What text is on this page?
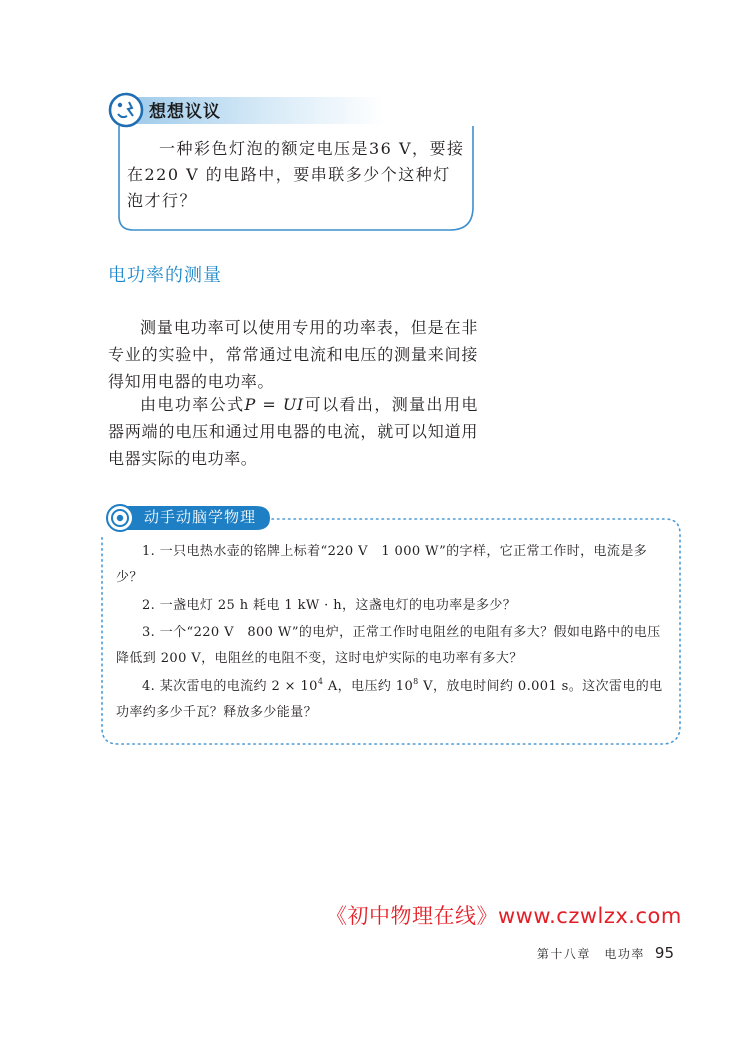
想想议议

一种彩色灯泡的额定电压是36 V，要接在220 V 的电路中，要串联多少个这种灯泡才行？

电功率的测量

测量电功率可以使用专用的功率表，但是在非专业的实验中，常常通过电流和电压的测量来间接得知用电器的电功率。

由电功率公式P = UI可以看出，测量出用电器两端的电压和通过用电器的电流，就可以知道用电器实际的电功率。

动手动脑学物理

1. 一只电热水壶的铭牌上标着“220 V　1 000 W”的字样，它正常工作时，电流是多少？

2. 一盏电灯 25 h 耗电 1 kW · h，这盏电灯的电功率是多少？

3. 一个“220 V　800 W”的电炉，正常工作时电阻丝的电阻有多大？假如电路中的电压降低到 200 V，电阻丝的电阻不变，这时电炉实际的电功率有多大？

4. 某次雷电的电流约 $2 \times 10^4$ A，电压约 $10^8$ V，放电时间约 0.001 s。这次雷电的电功率约多少千瓦？释放多少能量？

《初中物理在线》www.czwlzx.com
第十八章　电功率 95
